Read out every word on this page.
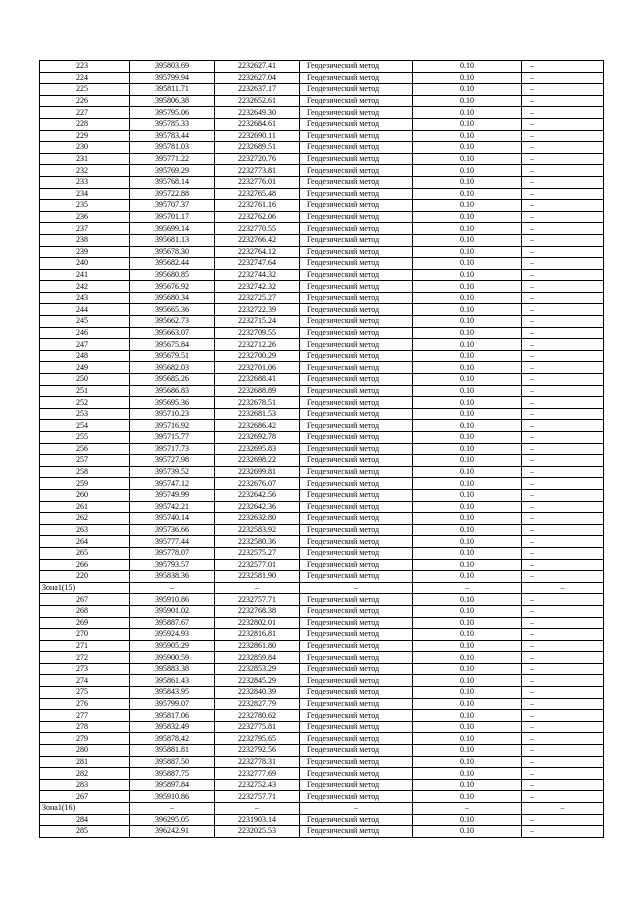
223	395803.69	2232627.41	Геодезический метод	0.10	–
224	395799.94	2232627.04	Геодезический метод	0.10	–
225	395811.71	2232637.17	Геодезический метод	0.10	–
226	395806.38	2232652.61	Геодезический метод	0.10	–
227	395795.06	2232649.30	Геодезический метод	0.10	–
228	395785.33	2232684.61	Геодезический метод	0.10	–
229	395783.44	2232690.11	Геодезический метод	0.10	–
230	395781.03	2232689.51	Геодезический метод	0.10	–
231	395771.22	2232720.76	Геодезический метод	0.10	–
232	395769.29	2232773.81	Геодезический метод	0.10	–
233	395768.14	2232776.01	Геодезический метод	0.10	–
234	395722.88	2232765.48	Геодезический метод	0.10	–
235	395707.37	2232761.16	Геодезический метод	0.10	–
236	395701.17	2232762.06	Геодезический метод	0.10	–
237	395699.14	2232770.55	Геодезический метод	0.10	–
238	395681.13	2232766.42	Геодезический метод	0.10	–
239	395678.30	2232764.12	Геодезический метод	0.10	–
240	395682.44	2232747.64	Геодезический метод	0.10	–
241	395680.85	2232744.32	Геодезический метод	0.10	–
242	395676.92	2232742.32	Геодезический метод	0.10	–
243	395680.34	2232725.27	Геодезический метод	0.10	–
244	395665.36	2232722.39	Геодезический метод	0.10	–
245	395662.73	2232715.24	Геодезический метод	0.10	–
246	395663.07	2232709.55	Геодезический метод	0.10	–
247	395675.84	2232712.26	Геодезический метод	0.10	–
248	395679.51	2232700.29	Геодезический метод	0.10	–
249	395682.03	2232701.06	Геодезический метод	0.10	–
250	395685.26	2232688.41	Геодезический метод	0.10	–
251	395686.83	2232688.89	Геодезический метод	0.10	–
252	395695.36	2232678.51	Геодезический метод	0.10	–
253	395710.23	2232681.53	Геодезический метод	0.10	–
254	395716.92	2232686.42	Геодезический метод	0.10	–
255	395715.77	2232692.78	Геодезический метод	0.10	–
256	395717.73	2232695.83	Геодезический метод	0.10	–
257	395727.98	2232698.22	Геодезический метод	0.10	–
258	395739.52	2232699.81	Геодезический метод	0.10	–
259	395747.12	2232676.07	Геодезический метод	0.10	–
260	395749.99	2232642.56	Геодезический метод	0.10	–
261	395742.21	2232642.36	Геодезический метод	0.10	–
262	395740.14	2232632.80	Геодезический метод	0.10	–
263	395736.66	2232583.92	Геодезический метод	0.10	–
264	395777.44	2232580.36	Геодезический метод	0.10	–
265	395778.07	2232575.27	Геодезический метод	0.10	–
266	395793.57	2232577.01	Геодезический метод	0.10	–
220	395838.36	2232581.90	Геодезический метод	0.10	–
Зона1(15)	–	–	–	–	–
267	395910.86	2232757.71	Геодезический метод	0.10	–
268	395901.02	2232768.38	Геодезический метод	0.10	–
269	395887.67	2232802.01	Геодезический метод	0.10	–
270	395924.93	2232816.81	Геодезический метод	0.10	–
271	395905.29	2232861.80	Геодезический метод	0.10	–
272	395900.59	2232859.84	Геодезический метод	0.10	–
273	395883.38	2232853.29	Геодезический метод	0.10	–
274	395861.43	2232845.29	Геодезический метод	0.10	–
275	395843.95	2232840.39	Геодезический метод	0.10	–
276	395799.07	2232827.79	Геодезический метод	0.10	–
277	395817.06	2232780.62	Геодезический метод	0.10	–
278	395832.49	2232775.81	Геодезический метод	0.10	–
279	395878.42	2232795.65	Геодезический метод	0.10	–
280	395881.81	2232792.56	Геодезический метод	0.10	–
281	395887.50	2232778.31	Геодезический метод	0.10	–
282	395887.75	2232777.69	Геодезический метод	0.10	–
283	395897.84	2232752.43	Геодезический метод	0.10	–
267	395910.86	2232757.71	Геодезический метод	0.10	–
Зона1(16)	–	–	–	–	–
284	396295.05	2231903.14	Геодезический метод	0.10	–
285	396242.91	2232025.53	Геодезический метод	0.10	–
